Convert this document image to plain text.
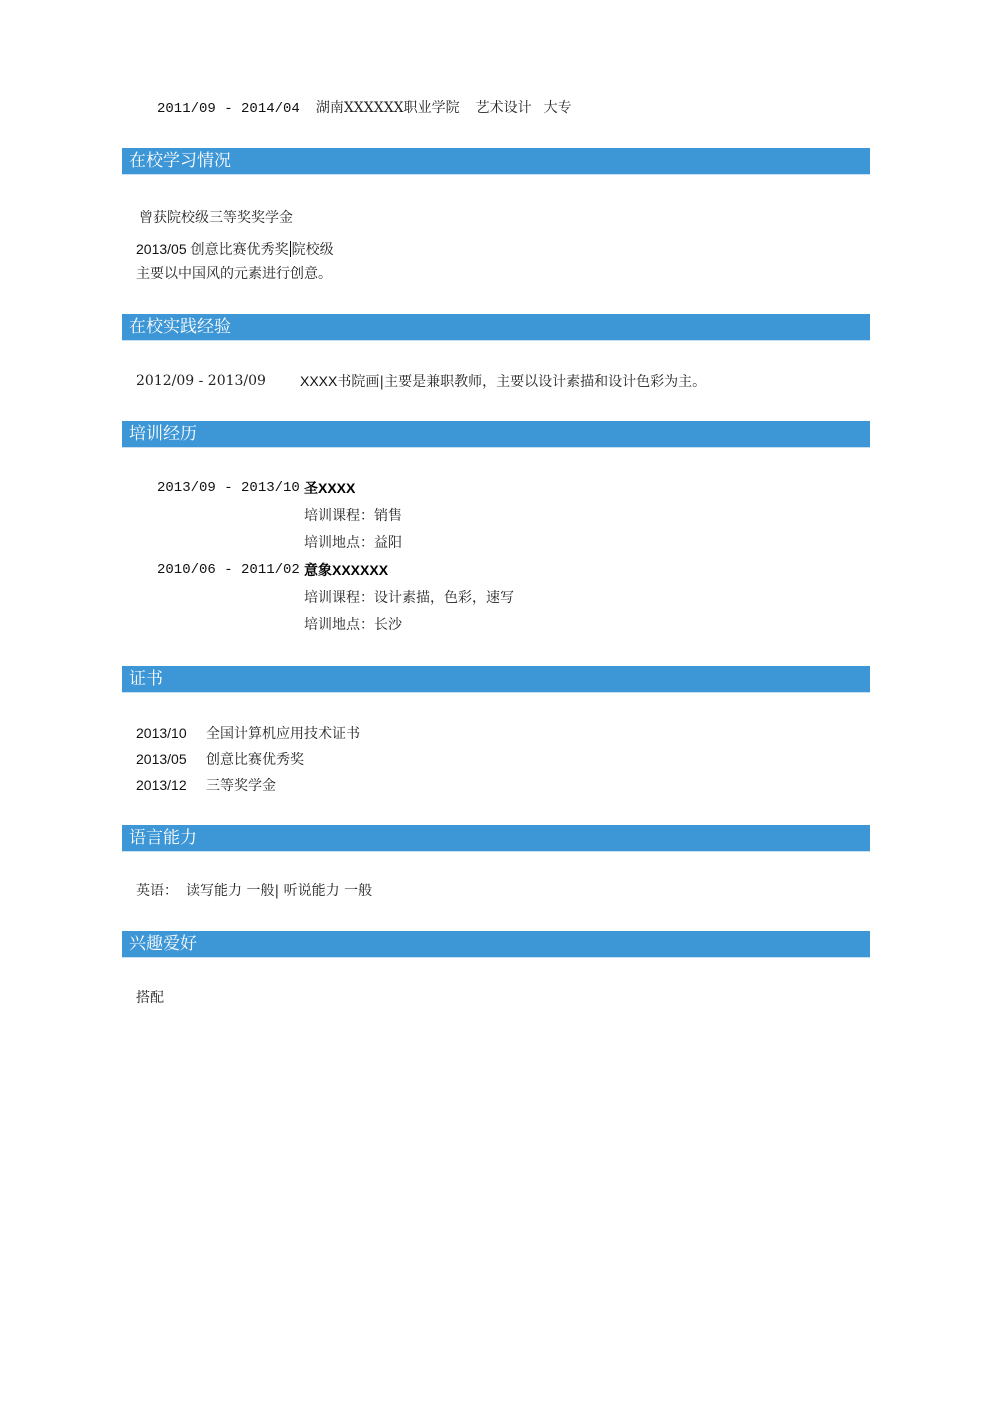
2011/09 - 2014/04 湖南XXXXXX职业学院 艺术设计 大专
在校学习情况
曾获院校级三等奖奖学金
2013/05 创意比赛优秀奖 院校级
主要以中国风的元素进行创意。
在校实践经验
2012/09 - 2013/09 XXXX书院画|主要是兼职教师，主要以设计素描和设计色彩为主。
培训经历
2013/09 - 2013/10 圣XXXX
培训课程：销售
培训地点：益阳
2010/06 - 2011/02 意象XXXXXX
培训课程：设计素描，色彩，速写
培训地点：长沙
证书
2013/10 全国计算机应用技术证书
2013/05 创意比赛优秀奖
2013/12 三等奖学金
语言能力
英语： 读写能力 一般| 听说能力 一般
兴趣爱好
搭配
